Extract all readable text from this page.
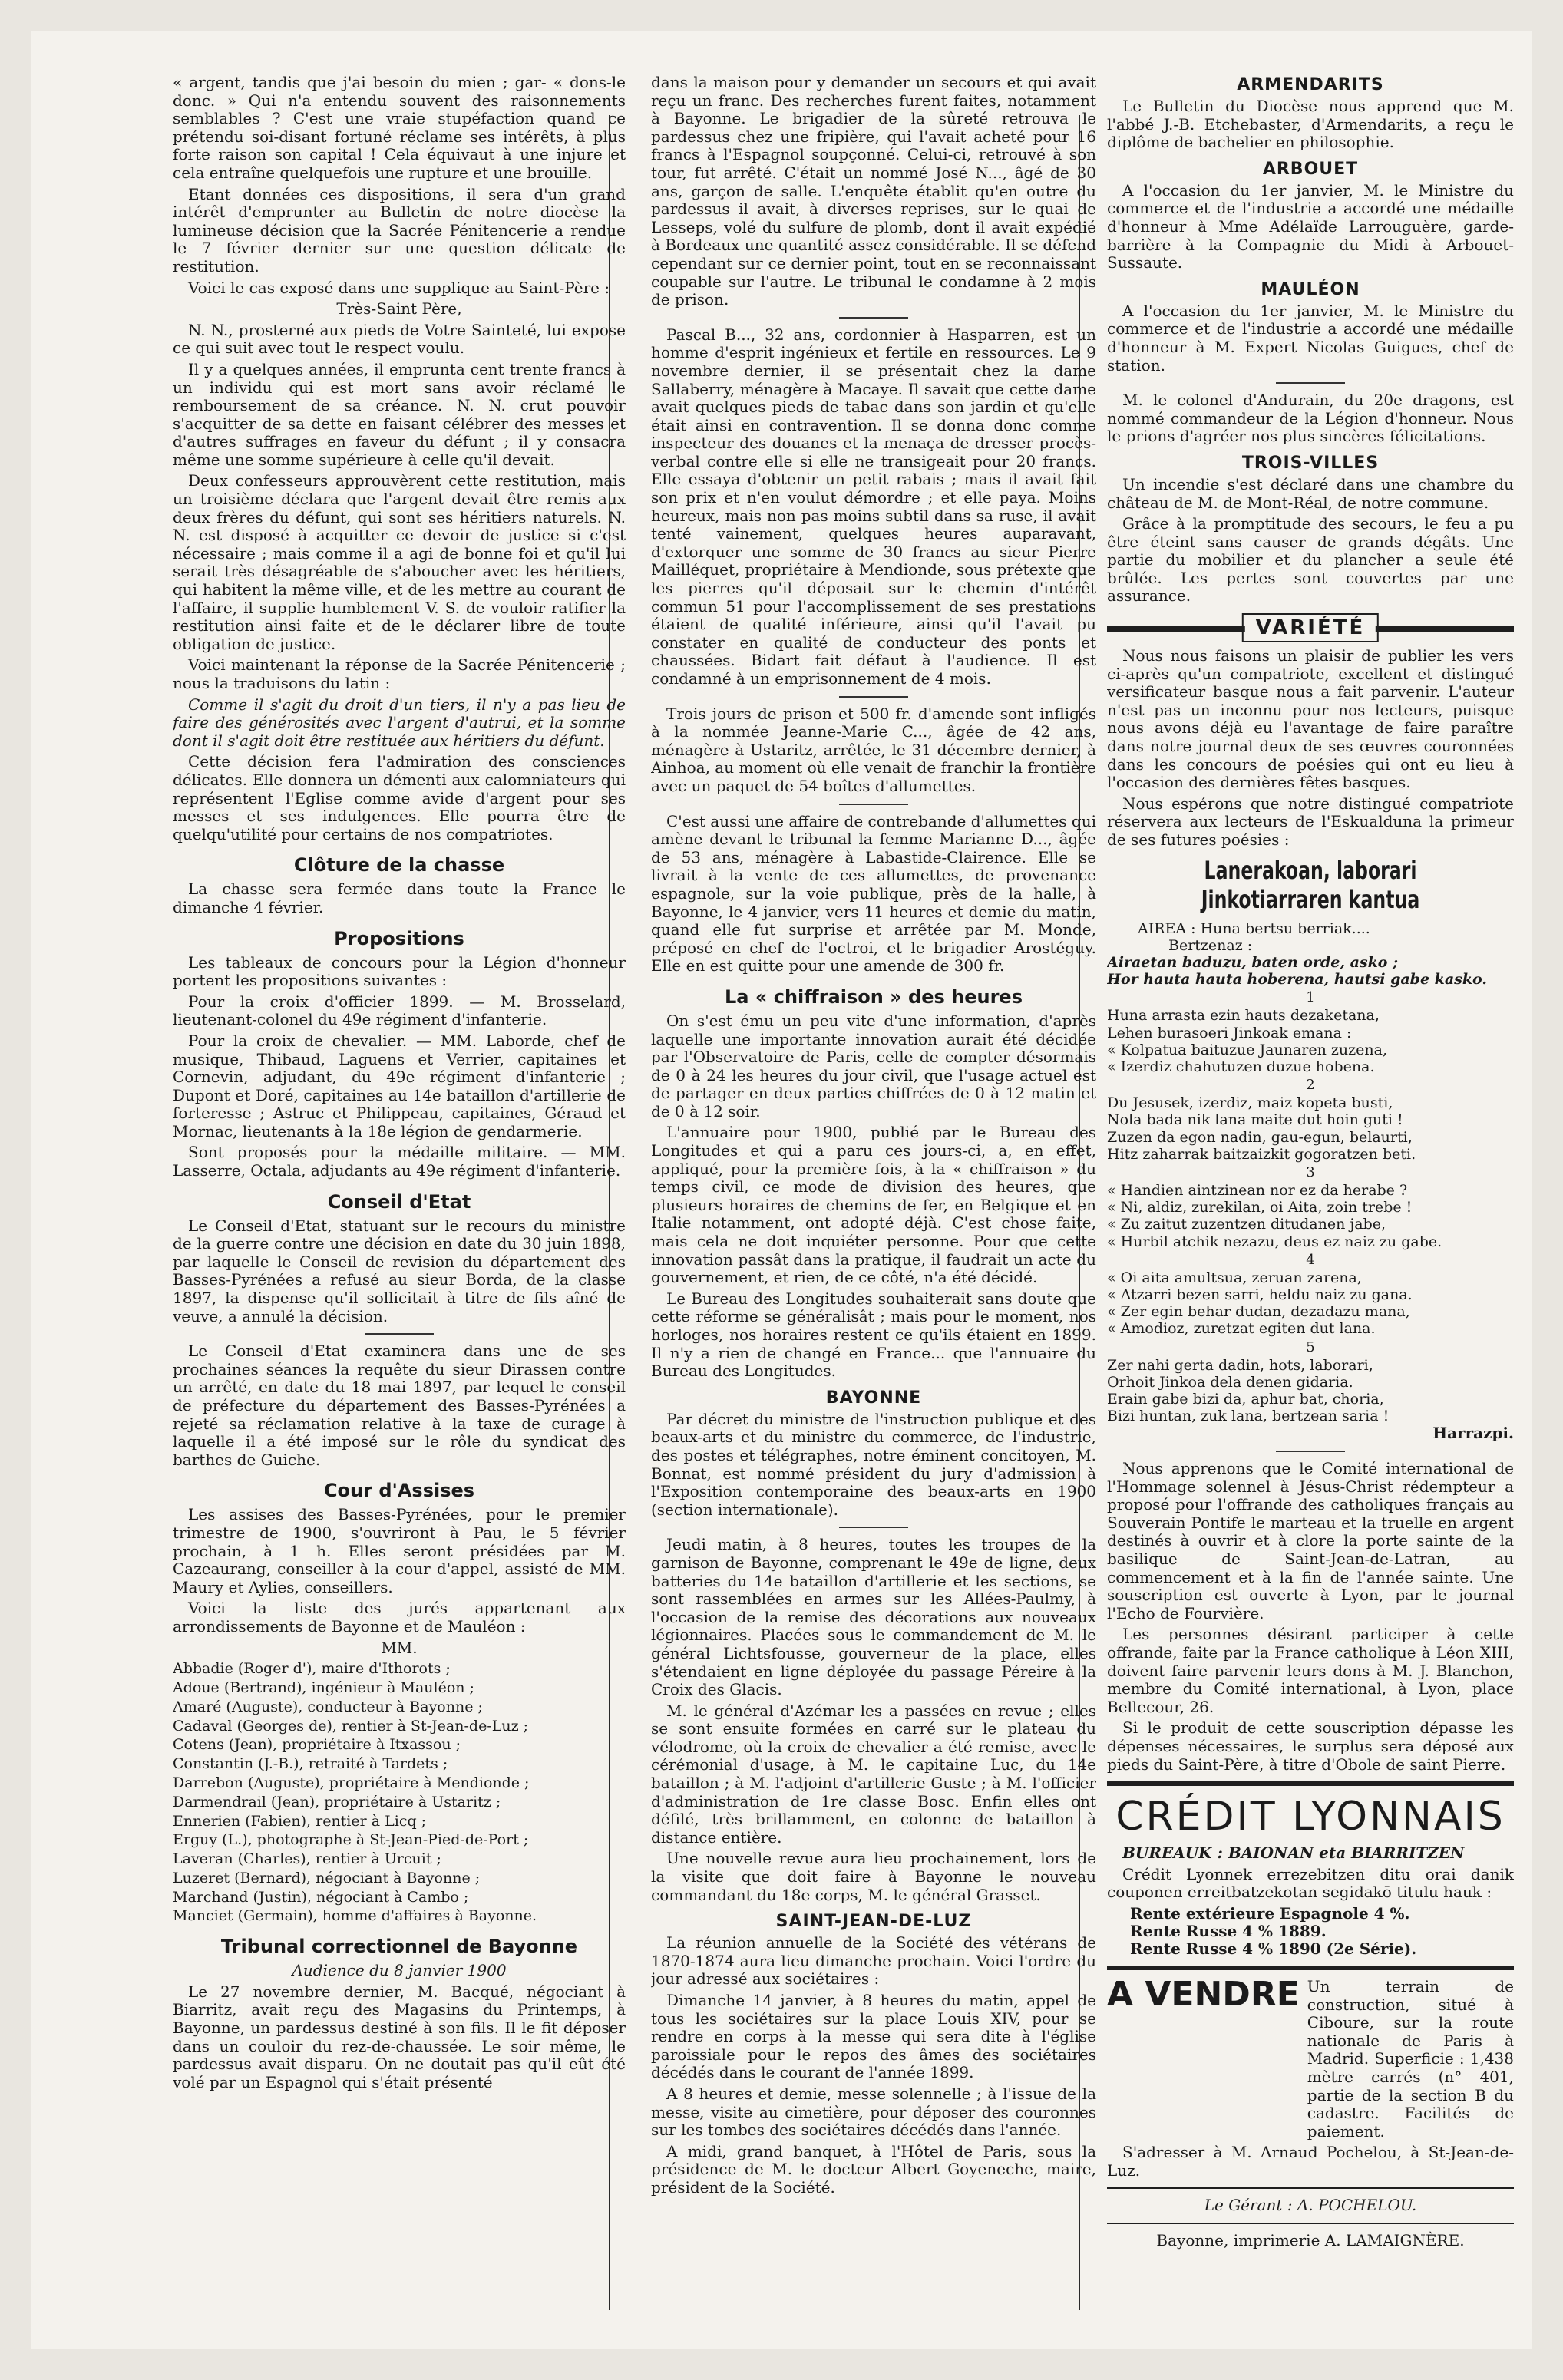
« argent, tandis que j'ai besoin du mien ; gar- « dons-le donc. » Qui n'a entendu souvent des raisonnements semblables ? C'est une vraie stupéfaction quand ce prétendu soi-disant fortuné réclame ses intérêts, à plus forte raison son capital ! Cela équivaut à une injure et cela entraîne quelquefois une rupture et une brouille.

Etant données ces dispositions, il sera d'un grand intérêt d'emprunter au Bulletin de notre diocèse la lumineuse décision que la Sacrée Pénitencerie a rendue le 7 février dernier sur une question délicate de restitution.

Voici le cas exposé dans une supplique au Saint-Père :

Très-Saint Père,

N. N., prosterné aux pieds de Votre Sainteté, lui expose ce qui suit avec tout le respect voulu.

Il y a quelques années, il emprunta cent trente francs à un individu qui est mort sans avoir réclamé le remboursement de sa créance. N. N. crut pouvoir s'acquitter de sa dette en faisant célébrer des messes et d'autres suffrages en faveur du défunt ; il y consacra même une somme supérieure à celle qu'il devait.

Deux confesseurs approuvèrent cette restitution, mais un troisième déclara que l'argent devait être remis aux deux frères du défunt, qui sont ses héritiers naturels. N. N. est disposé à acquitter ce devoir de justice si c'est nécessaire ; mais comme il a agi de bonne foi et qu'il lui serait très désagréable de s'aboucher avec les héritiers, qui habitent la même ville, et de les mettre au courant de l'affaire, il supplie humblement V. S. de vouloir ratifier la restitution ainsi faite et de le déclarer libre de toute obligation de justice.

Voici maintenant la réponse de la Sacrée Pénitencerie ; nous la traduisons du latin :

Comme il s'agit du droit d'un tiers, il n'y a pas lieu de faire des générosités avec l'argent d'autrui, et la somme dont il s'agit doit être restituée aux héritiers du défunt.

Cette décision fera l'admiration des consciences délicates. Elle donnera un démenti aux calomniateurs qui représentent l'Eglise comme avide d'argent pour ses messes et ses indulgences. Elle pourra être de quelqu'utilité pour certains de nos compatriotes.

Clôture de la chasse

La chasse sera fermée dans toute la France le dimanche 4 février.

Propositions

Les tableaux de concours pour la Légion d'honneur portent les propositions suivantes :

Pour la croix d'officier 1899. — M. Brosselard, lieutenant-colonel du 49e régiment d'infanterie.

Pour la croix de chevalier. — MM. Laborde, chef de musique, Thibaud, Laguens et Verrier, capitaines et Cornevin, adjudant, du 49e régiment d'infanterie ; Dupont et Doré, capitaines au 14e bataillon d'artillerie de forteresse ; Astruc et Philippeau, capitaines, Géraud et Mornac, lieutenants à la 18e légion de gendarmerie.

Sont proposés pour la médaille militaire. — MM. Lasserre, Octala, adjudants au 49e régiment d'infanterie.

Conseil d'Etat

Le Conseil d'Etat, statuant sur le recours du ministre de la guerre contre une décision en date du 30 juin 1898, par laquelle le Conseil de revision du département des Basses-Pyrénées a refusé au sieur Borda, de la classe 1897, la dispense qu'il sollicitait à titre de fils aîné de veuve, a annulé la décision.

Le Conseil d'Etat examinera dans une de ses prochaines séances la requête du sieur Dirassen contre un arrêté, en date du 18 mai 1897, par lequel le conseil de préfecture du département des Basses-Pyrénées a rejeté sa réclamation relative à la taxe de curage à laquelle il a été imposé sur le rôle du syndicat des barthes de Guiche.

Cour d'Assises

Les assises des Basses-Pyrénées, pour le premier trimestre de 1900, s'ouvriront à Pau, le 5 février prochain, à 1 h. Elles seront présidées par M. Cazeaurang, conseiller à la cour d'appel, assisté de MM. Maury et Aylies, conseillers.

Voici la liste des jurés appartenant aux arrondissements de Bayonne et de Mauléon :

MM.

Abbadie (Roger d'), maire d'Ithorots ;
Adoue (Bertrand), ingénieur à Mauléon ;
Amaré (Auguste), conducteur à Bayonne ;
Cadaval (Georges de), rentier à St-Jean-de-Luz ;
Cotens (Jean), propriétaire à Itxassou ;
Constantin (J.-B.), retraité à Tardets ;
Darrebon (Auguste), propriétaire à Mendionde ;
Darmendrail (Jean), propriétaire à Ustaritz ;
Ennerien (Fabien), rentier à Licq ;
Erguy (L.), photographe à St-Jean-Pied-de-Port ;
Laveran (Charles), rentier à Urcuit ;
Luzeret (Bernard), négociant à Bayonne ;
Marchand (Justin), négociant à Cambo ;
Manciet (Germain), homme d'affaires à Bayonne.
Tribunal correctionnel de Bayonne

Audience du 8 janvier 1900

Le 27 novembre dernier, M. Bacqué, négociant à Biarritz, avait reçu des Magasins du Printemps, à Bayonne, un pardessus destiné à son fils. Il le fit déposer dans un couloir du rez-de-chaussée. Le soir même, le pardessus avait disparu. On ne doutait pas qu'il eût été volé par un Espagnol qui s'était présenté

dans la maison pour y demander un secours et qui avait reçu un franc. Des recherches furent faites, notamment à Bayonne. Le brigadier de la sûreté retrouva le pardessus chez une fripière, qui l'avait acheté pour 16 francs à l'Espagnol soupçonné. Celui-ci, retrouvé à son tour, fut arrêté. C'était un nommé José N..., âgé de 30 ans, garçon de salle. L'enquête établit qu'en outre du pardessus il avait, à diverses reprises, sur le quai de Lesseps, volé du sulfure de plomb, dont il avait expédié à Bordeaux une quantité assez considérable. Il se défend cependant sur ce dernier point, tout en se reconnaissant coupable sur l'autre. Le tribunal le condamne à 2 mois de prison.

Pascal B..., 32 ans, cordonnier à Hasparren, est un homme d'esprit ingénieux et fertile en ressources. Le 9 novembre dernier, il se présentait chez la dame Sallaberry, ménagère à Macaye. Il savait que cette dame avait quelques pieds de tabac dans son jardin et qu'elle était ainsi en contravention. Il se donna donc comme inspecteur des douanes et la menaça de dresser procès-verbal contre elle si elle ne transigeait pour 20 francs. Elle essaya d'obtenir un petit rabais ; mais il avait fait son prix et n'en voulut démordre ; et elle paya. Moins heureux, mais non pas moins subtil dans sa ruse, il avait tenté vainement, quelques heures auparavant, d'extorquer une somme de 30 francs au sieur Pierre Mailléquet, propriétaire à Mendionde, sous prétexte que les pierres qu'il déposait sur le chemin d'intérêt commun 51 pour l'accomplissement de ses prestations étaient de qualité inférieure, ainsi qu'il l'avait pu constater en qualité de conducteur des ponts et chaussées. Bidart fait défaut à l'audience. Il est condamné à un emprisonnement de 4 mois.

Trois jours de prison et 500 fr. d'amende sont infligés à la nommée Jeanne-Marie C..., âgée de 42 ans, ménagère à Ustaritz, arrêtée, le 31 décembre dernier, à Ainhoa, au moment où elle venait de franchir la frontière avec un paquet de 54 boîtes d'allumettes.

C'est aussi une affaire de contrebande d'allumettes qui amène devant le tribunal la femme Marianne D..., âgée de 53 ans, ménagère à Labastide-Clairence. Elle se livrait à la vente de ces allumettes, de provenance espagnole, sur la voie publique, près de la halle, à Bayonne, le 4 janvier, vers 11 heures et demie du matin, quand elle fut surprise et arrêtée par M. Monde, préposé en chef de l'octroi, et le brigadier Arostéguy. Elle en est quitte pour une amende de 300 fr.

La « chiffraison » des heures

On s'est ému un peu vite d'une information, d'après laquelle une importante innovation aurait été décidée par l'Observatoire de Paris, celle de compter désormais de 0 à 24 les heures du jour civil, que l'usage actuel est de partager en deux parties chiffrées de 0 à 12 matin et de 0 à 12 soir.

L'annuaire pour 1900, publié par le Bureau des Longitudes et qui a paru ces jours-ci, a, en effet, appliqué, pour la première fois, à la « chiffraison » du temps civil, ce mode de division des heures, que plusieurs horaires de chemins de fer, en Belgique et en Italie notamment, ont adopté déjà. C'est chose faite, mais cela ne doit inquiéter personne. Pour que cette innovation passât dans la pratique, il faudrait un acte du gouvernement, et rien, de ce côté, n'a été décidé.

Le Bureau des Longitudes souhaiterait sans doute que cette réforme se généralisât ; mais pour le moment, nos horloges, nos horaires restent ce qu'ils étaient en 1899. Il n'y a rien de changé en France... que l'annuaire du Bureau des Longitudes.

BAYONNE

Par décret du ministre de l'instruction publique et des beaux-arts et du ministre du commerce, de l'industrie, des postes et télégraphes, notre éminent concitoyen, M. Bonnat, est nommé président du jury d'admission à l'Exposition contemporaine des beaux-arts en 1900 (section internationale).

Jeudi matin, à 8 heures, toutes les troupes de la garnison de Bayonne, comprenant le 49e de ligne, deux batteries du 14e bataillon d'artillerie et les sections, se sont rassemblées en armes sur les Allées-Paulmy, à l'occasion de la remise des décorations aux nouveaux légionnaires. Placées sous le commandement de M. le général Lichtsfousse, gouverneur de la place, elles s'étendaient en ligne déployée du passage Péreire à la Croix des Glacis.

M. le général d'Azémar les a passées en revue ; elles se sont ensuite formées en carré sur le plateau du vélodrome, où la croix de chevalier a été remise, avec le cérémonial d'usage, à M. le capitaine Luc, du 14e bataillon ; à M. l'adjoint d'artillerie Guste ; à M. l'officier d'administration de 1re classe Bosc. Enfin elles ont défilé, très brillamment, en colonne de bataillon à distance entière.

Une nouvelle revue aura lieu prochainement, lors de la visite que doit faire à Bayonne le nouveau commandant du 18e corps, M. le général Grasset.

SAINT-JEAN-DE-LUZ

La réunion annuelle de la Société des vétérans de 1870-1874 aura lieu dimanche prochain. Voici l'ordre du jour adressé aux sociétaires :

Dimanche 14 janvier, à 8 heures du matin, appel de tous les sociétaires sur la place Louis XIV, pour se rendre en corps à la messe qui sera dite à l'église paroissiale pour le repos des âmes des sociétaires décédés dans le courant de l'année 1899.

A 8 heures et demie, messe solennelle ; à l'issue de la messe, visite au cimetière, pour déposer des couronnes sur les tombes des sociétaires décédés dans l'année.

A midi, grand banquet, à l'Hôtel de Paris, sous la présidence de M. le docteur Albert Goyeneche, maire, président de la Société.

ARMENDARITS

Le Bulletin du Diocèse nous apprend que M. l'abbé J.-B. Etchebaster, d'Armendarits, a reçu le diplôme de bachelier en philosophie.

ARBOUET

A l'occasion du 1er janvier, M. le Ministre du commerce et de l'industrie a accordé une médaille d'honneur à Mme Adélaïde Larrouguère, garde-barrière à la Compagnie du Midi à Arbouet-Sussaute.

MAULÉON

A l'occasion du 1er janvier, M. le Ministre du commerce et de l'industrie a accordé une médaille d'honneur à M. Expert Nicolas Guigues, chef de station.

M. le colonel d'Andurain, du 20e dragons, est nommé commandeur de la Légion d'honneur. Nous le prions d'agréer nos plus sincères félicitations.

TROIS-VILLES

Un incendie s'est déclaré dans une chambre du château de M. de Mont-Réal, de notre commune.

Grâce à la promptitude des secours, le feu a pu être éteint sans causer de grands dégâts. Une partie du mobilier et du plancher a seule été brûlée. Les pertes sont couvertes par une assurance.

VARIÉTÉ

Nous nous faisons un plaisir de publier les vers ci-après qu'un compatriote, excellent et distingué versificateur basque nous a fait parvenir. L'auteur n'est pas un inconnu pour nos lecteurs, puisque nous avons déjà eu l'avantage de faire paraître dans notre journal deux de ses œuvres couronnées dans les concours de poésies qui ont eu lieu à l'occasion des dernières fêtes basques.

Nous espérons que notre distingué compatriote réservera aux lecteurs de l'Eskualduna la primeur de ses futures poésies :

Lanerakoan, laborari Jinkotiarraren kantua

AIREA : Huna bertsu berriak....

Bertzenaz :

Airaetan baduzu, baten orde, asko ;

Hor hauta hauta hoberena, hautsi gabe kasko.

1

Huna arrasta ezin hauts dezaketana,

Lehen burasoeri Jinkoak emana :

« Kolpatua baituzue Jaunaren zuzena,

« Izerdiz chahutuzen duzue hobena.

2

Du Jesusek, izerdiz, maiz kopeta busti,

Nola bada nik lana maite dut hoin guti !

Zuzen da egon nadin, gau-egun, belaurti,

Hitz zaharrak baitzaizkit gogoratzen beti.

3

« Handien aintzinean nor ez da herabe ?

« Ni, aldiz, zurekilan, oi Aita, zoin trebe !

« Zu zaitut zuzentzen ditudanen jabe,

« Hurbil atchik nezazu, deus ez naiz zu gabe.

4

« Oi aita amultsua, zeruan zarena,

« Atzarri bezen sarri, heldu naiz zu gana.

« Zer egin behar dudan, dezadazu mana,

« Amodioz, zuretzat egiten dut lana.

5

Zer nahi gerta dadin, hots, laborari,

Orhoit Jinkoa dela denen gidaria.

Erain gabe bizi da, aphur bat, choria,

Bizi huntan, zuk lana, bertzean saria !

Harrazpi.

Nous apprenons que le Comité international de l'Hommage solennel à Jésus-Christ rédempteur a proposé pour l'offrande des catholiques français au Souverain Pontife le marteau et la truelle en argent destinés à ouvrir et à clore la porte sainte de la basilique de Saint-Jean-de-Latran, au commencement et à la fin de l'année sainte. Une souscription est ouverte à Lyon, par le journal l'Echo de Fourvière.

Les personnes désirant participer à cette offrande, faite par la France catholique à Léon XIII, doivent faire parvenir leurs dons à M. J. Blanchon, membre du Comité international, à Lyon, place Bellecour, 26.

Si le produit de cette souscription dépasse les dépenses nécessaires, le surplus sera déposé aux pieds du Saint-Père, à titre d'Obole de saint Pierre.

CRÉDIT LYONNAIS

BUREAUK : BAIONAN eta BIARRITZEN

Crédit Lyonnek errezebitzen ditu orai danik couponen erreitbatzekotan segidakō titulu hauk :

Rente extérieure Espagnole 4 %.

Rente Russe 4 % 1889.

Rente Russe 4 % 1890 (2e Série).

A VENDRE Un terrain de construction, situé à Ciboure, sur la route nationale de Paris à Madrid. Superficie : 1,438 mètre carrés (n° 401, partie de la section B du cadastre. Facilités de paiement.

S'adresser à M. Arnaud Pochelou, à St-Jean-de-Luz.

Le Gérant : A. POCHELOU.

Bayonne, imprimerie A. LAMAIGNÈRE.
